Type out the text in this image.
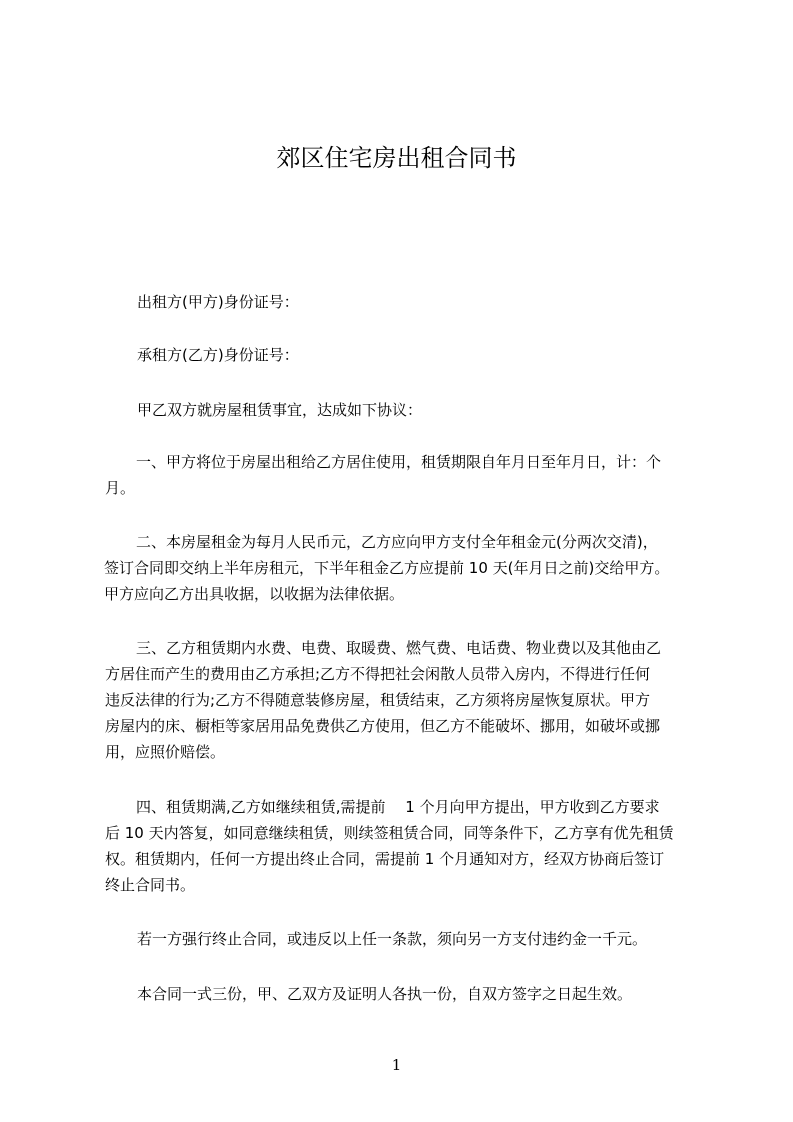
郊区住宅房出租合同书
出租方(甲方)身份证号：
承租方(乙方)身份证号：
甲乙双方就房屋租赁事宜，达成如下协议：
一、甲方将位于房屋出租给乙方居住使用，租赁期限自年月日至年月日，计：个
月。
二、本房屋租金为每月人民币元，乙方应向甲方支付全年租金元(分两次交清)，
签订合同即交纳上半年房租元，下半年租金乙方应提前 10 天(年月日之前)交给甲方。
甲方应向乙方出具收据，以收据为法律依据。
三、乙方租赁期内水费、电费、取暖费、燃气费、电话费、物业费以及其他由乙
方居住而产生的费用由乙方承担;乙方不得把社会闲散人员带入房内，不得进行任何
违反法律的行为;乙方不得随意装修房屋，租赁结束，乙方须将房屋恢复原状。甲方
房屋内的床、橱柜等家居用品免费供乙方使用，但乙方不能破坏、挪用，如破坏或挪
用，应照价赔偿。
四、租赁期满,乙方如继续租赁,需提前　 1 个月向甲方提出，甲方收到乙方要求
后 10 天内答复，如同意继续租赁，则续签租赁合同，同等条件下，乙方享有优先租赁
权。租赁期内，任何一方提出终止合同，需提前 1 个月通知对方，经双方协商后签订
终止合同书。
若一方强行终止合同，或违反以上任一条款，须向另一方支付违约金一千元。
本合同一式三份，甲、乙双方及证明人各执一份，自双方签字之日起生效。
1
